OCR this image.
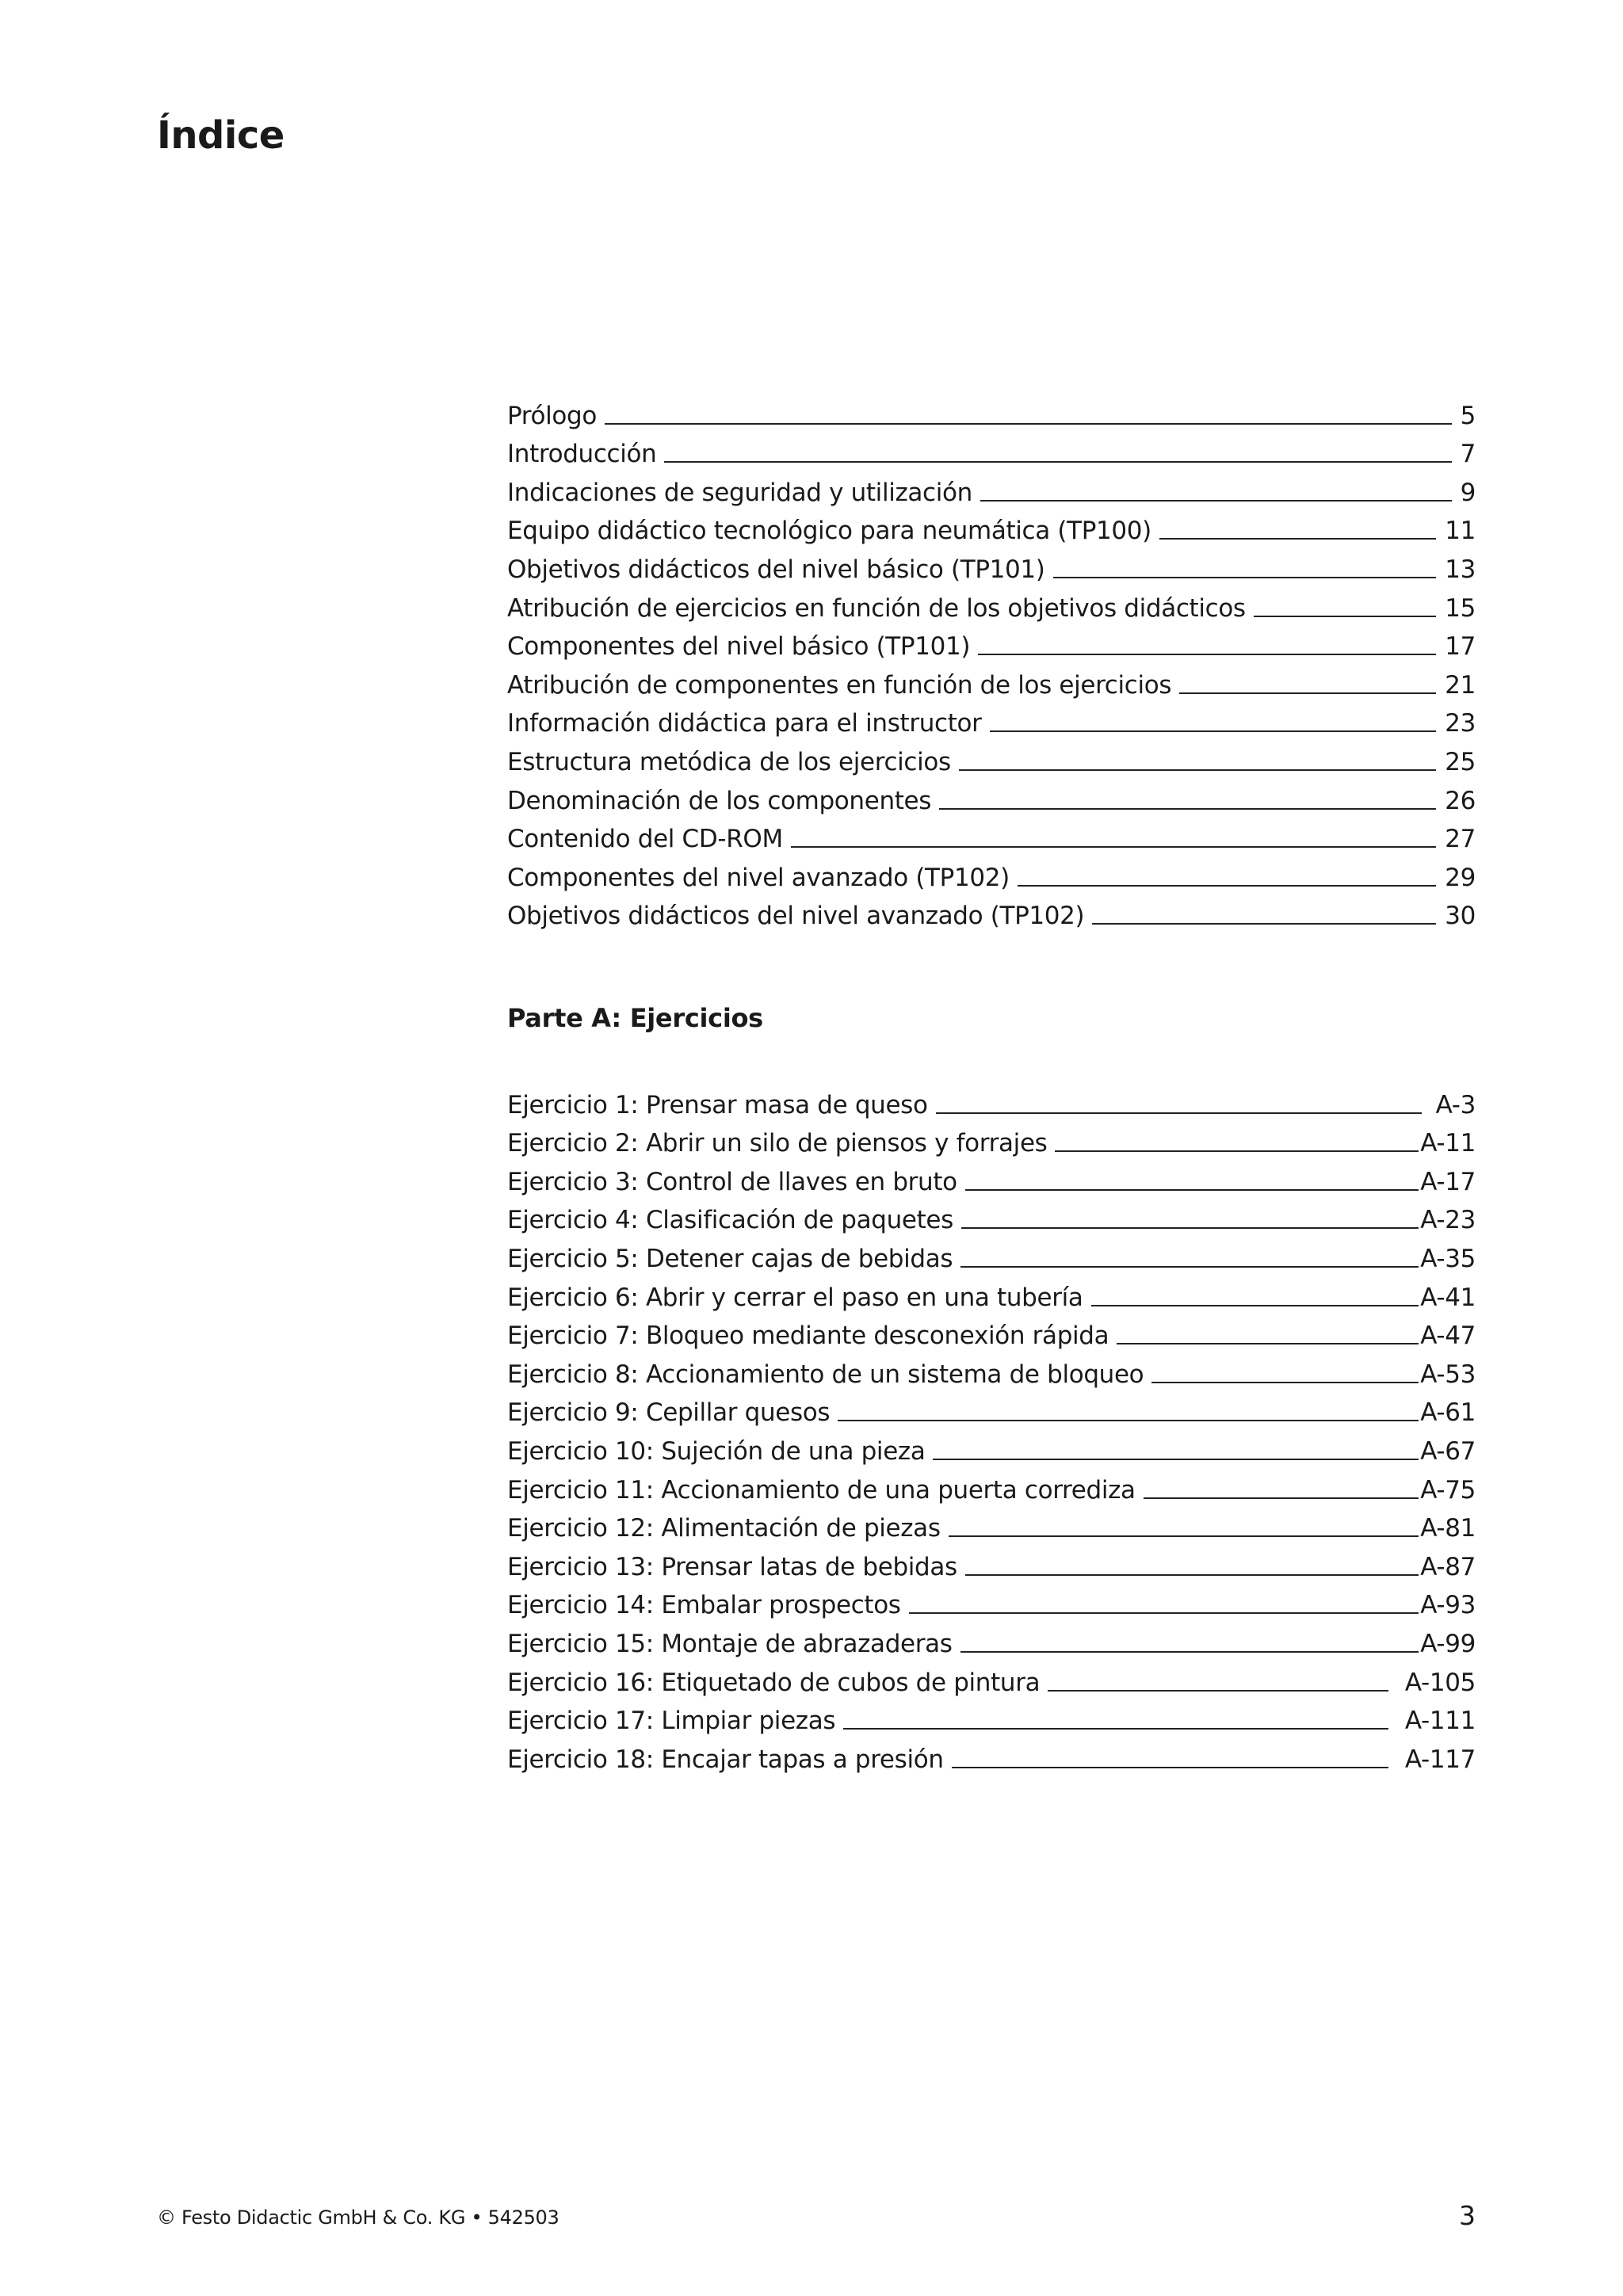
Índice
Prólogo	5
Introducción	7
Indicaciones de seguridad y utilización	9
Equipo didáctico tecnológico para neumática (TP100)	11
Objetivos didácticos del nivel básico (TP101)	13
Atribución de ejercicios en función de los objetivos didácticos	15
Componentes del nivel básico (TP101)	17
Atribución de componentes en función de los ejercicios	21
Información didáctica para el instructor	23
Estructura metódica de los ejercicios	25
Denominación de los componentes	26
Contenido del CD-ROM	27
Componentes del nivel avanzado (TP102)	29
Objetivos didácticos del nivel avanzado (TP102)	30
Parte A: Ejercicios
Ejercicio 1: Prensar masa de queso	A-3
Ejercicio 2: Abrir un silo de piensos y forrajes	A-11
Ejercicio 3: Control de llaves en bruto	A-17
Ejercicio 4: Clasificación de paquetes	A-23
Ejercicio 5: Detener cajas de bebidas	A-35
Ejercicio 6: Abrir y cerrar el paso en una tubería	A-41
Ejercicio 7: Bloqueo mediante desconexión rápida	A-47
Ejercicio 8: Accionamiento de un sistema de bloqueo	A-53
Ejercicio 9: Cepillar quesos	A-61
Ejercicio 10: Sujeción de una pieza	A-67
Ejercicio 11: Accionamiento de una puerta corrediza	A-75
Ejercicio 12: Alimentación de piezas	A-81
Ejercicio 13: Prensar latas de bebidas	A-87
Ejercicio 14: Embalar prospectos	A-93
Ejercicio 15: Montaje de abrazaderas	A-99
Ejercicio 16: Etiquetado de cubos de pintura	A-105
Ejercicio 17: Limpiar piezas	A-111
Ejercicio 18: Encajar tapas a presión	A-117
© Festo Didactic GmbH & Co. KG • 542503	3
